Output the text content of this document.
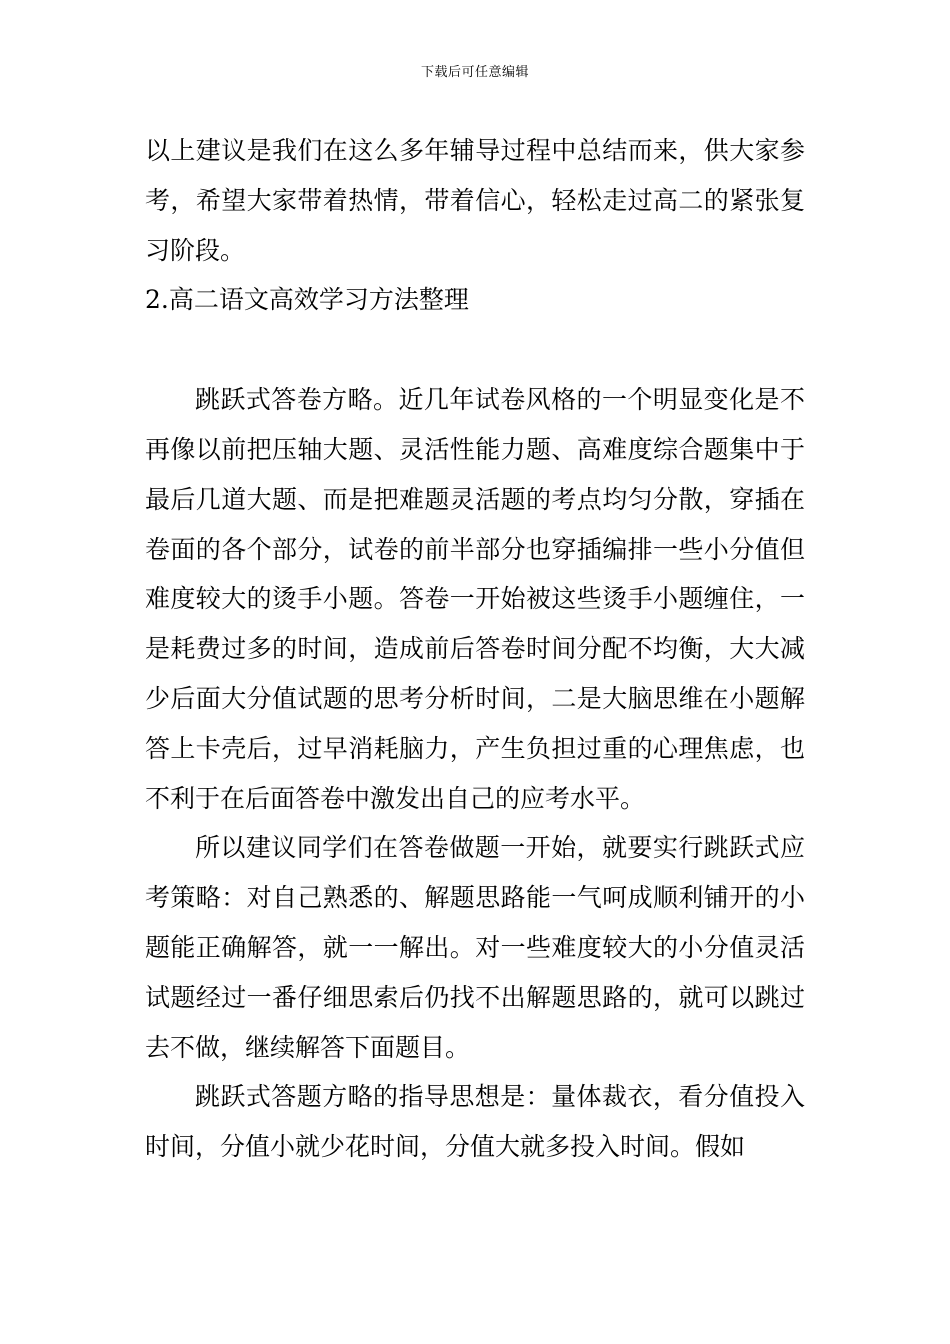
下载后可任意编辑

以上建议是我们在这么多年辅导过程中总结而来，供大家参考，希望大家带着热情，带着信心，轻松走过高二的紧张复习阶段。

2.高二语文高效学习方法整理

跳跃式答卷方略。近几年试卷风格的一个明显变化是不再像以前把压轴大题、灵活性能力题、高难度综合题集中于最后几道大题、而是把难题灵活题的考点均匀分散，穿插在卷面的各个部分，试卷的前半部分也穿插编排一些小分值但难度较大的烫手小题。答卷一开始被这些烫手小题缠住，一是耗费过多的时间，造成前后答卷时间分配不均衡，大大减少后面大分值试题的思考分析时间，二是大脑思维在小题解答上卡壳后，过早消耗脑力，产生负担过重的心理焦虑，也不利于在后面答卷中激发出自己的应考水平。

所以建议同学们在答卷做题一开始，就要实行跳跃式应考策略：对自己熟悉的、解题思路能一气呵成顺利铺开的小题能正确解答，就一一解出。对一些难度较大的小分值灵活试题经过一番仔细思索后仍找不出解题思路的，就可以跳过去不做，继续解答下面题目。

跳跃式答题方略的指导思想是：量体裁衣，看分值投入时间，分值小就少花时间，分值大就多投入时间。假如
